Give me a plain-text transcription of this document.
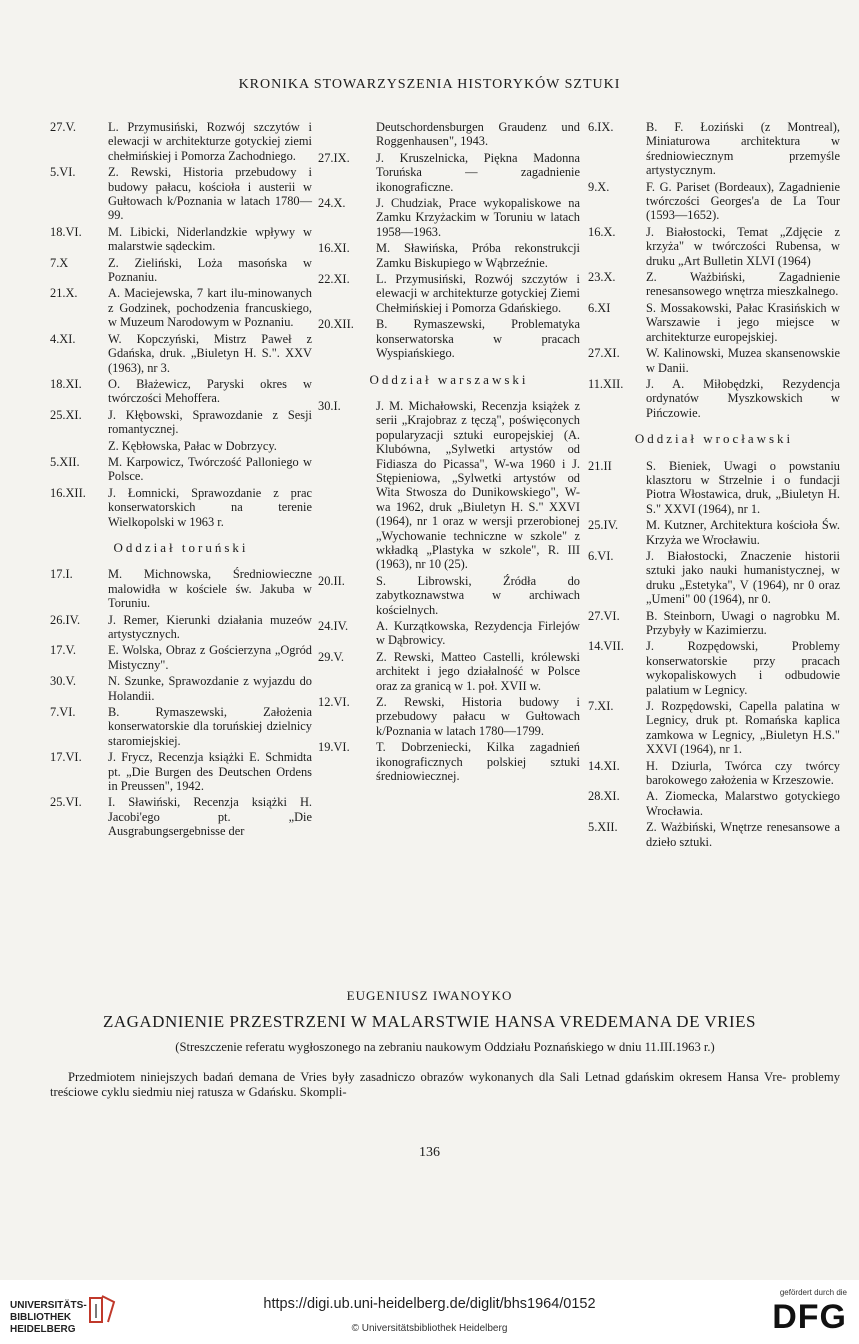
KRONIKA STOWARZYSZENIA HISTORYKÓW SZTUKI
27.V.	L. Przymusiński, Rozwój szczytów i elewacji w architekturze gotyckiej ziemi chełmińskiej i Pomorza Zachodniego.
5.VI.	Z. Rewski, Historia przebudowy i budowy pałacu, kościoła i austerii w Gułtowach k/Poznania w latach 1780—99.
18.VI.	M. Libicki, Niderlandzkie wpływy w malarstwie sądeckim.
7.X	Z. Zieliński, Loża masońska w Poznaniu.
21.X.	A. Maciejewska, 7 kart ilu-minowanych z Godzinek, pochodzenia francuskiego, w Muzeum Narodowym w Poznaniu.
4.XI.	W. Kopczyński, Mistrz Paweł z Gdańska, druk. „Biuletyn H. S.". XXV (1963), nr 3.
18.XI.	O. Błażewicz, Paryski okres w twórczości Mehoffera.
25.XI.	J. Kłębowski, Sprawozdanie z Sesji romantycznej.
Z. Kębłowska, Pałac w Dobrzycy.
5.XII.	M. Karpowicz, Twórczość Palloniego w Polsce.
16.XII.	J. Łomnicki, Sprawozdanie z prac konserwatorskich na terenie Wielkopolski w 1963 r.
Oddział toruński
17.I.	M. Michnowska, Średniowieczne malowidła w kościele św. Jakuba w Toruniu.
26.IV.	J. Remer, Kierunki działania muzeów artystycznych.
17.V.	E. Wolska, Obraz z Gościerzyna „Ogród Mistyczny".
30.V.	N. Szunke, Sprawozdanie z wyjazdu do Holandii.
7.VI.	B. Rymaszewski, Założenia konserwatorskie dla toruńskiej dzielnicy staromiejskiej.
17.VI.	J. Frycz, Recenzja książki E. Schmidta pt. „Die Burgen des Deutschen Ordens in Preussen", 1942.
25.VI.	I. Sławiński, Recenzja książki H. Jacobi'ego pt. „Die Ausgrabungsergebnisse der
Deutschordensburgen Graudenz und Roggenhausen", 1943.
27.IX.	J. Kruszelnicka, Piękna Madonna Toruńska — zagadnienie ikonograficzne.
24.X.	J. Chudziak, Prace wykopaliskowe na Zamku Krzyżackim w Toruniu w latach 1958—1963.
16.XI.	M. Sławińska, Próba rekonstrukcji Zamku Biskupiego w Wąbrzeźnie.
22.XI.	L. Przymusiński, Rozwój szczytów i elewacji w architekturze gotyckiej Ziemi Chełmińskiej i Pomorza Gdańskiego.
20.XII.	B. Rymaszewski, Problematyka konserwatorska w pracach Wyspiańskiego.
Oddział warszawski
30.I.	J. M. Michałowski, Recenzja książek z serii „Krajobraz z tęczą", poświęconych popularyzacji sztuki europejskiej (A. Klubówna, „Sylwetki artystów od Fidiasza do Picassa", W-wa 1960 i J. Stępieniowa, „Sylwetki artystów od Wita Stwosza do Dunikowskiego", W-wa 1962, druk „Biuletyn H. S." XXVI (1964), nr 1 oraz w wersji przerobionej „Wychowanie techniczne w szkole" z wkładką „Plastyka w szkole", R. III (1963), nr 10 (25).
20.II.	S. Librowski, Źródła do zabytkoznawstwa w archiwach kościelnych.
24.IV.	A. Kurzątkowska, Rezydencja Firlejów w Dąbrowicy.
29.V.	Z. Rewski, Matteo Castelli, królewski architekt i jego działalność w Polsce oraz za granicą w 1. poł. XVII w.
12.VI.	Z. Rewski, Historia budowy i przebudowy pałacu w Gułtowach k/Poznania w latach 1780—1799.
19.VI.	T. Dobrzeniecki, Kilka zagadnień ikonograficznych polskiej sztuki średniowiecznej.
6.IX.	B. F. Łoziński (z Montreal), Miniaturowa architektura w średniowiecznym przemyśle artystycznym.
9.X.	F. G. Pariset (Bordeaux), Zagadnienie twórczości Georges'a de La Tour (1593—1652).
16.X.	J. Białostocki, Temat „Zdjęcie z krzyża" w twórczości Rubensa, w druku „Art Bulletin XLVI (1964)
23.X.	Z. Ważbiński, Zagadnienie renesansowego wnętrza mieszkalnego.
6.XI	S. Mossakowski, Pałac Krasińskich w Warszawie i jego miejsce w architekturze europejskiej.
27.XI.	W. Kalinowski, Muzea skansenowskie w Danii.
11.XII.	J. A. Miłobędzki, Rezydencja ordynatów Myszkowskich w Pińczowie.
Oddział wrocławski
21.II	S. Bieniek, Uwagi o powstaniu klasztoru w Strzelnie i o fundacji Piotra Włostawica, druk, „Biuletyn H. S." XXVI (1964), nr 1.
25.IV.	M. Kutzner, Architektura kościoła Św. Krzyża we Wrocławiu.
6.VI.	J. Białostocki, Znaczenie historii sztuki jako nauki humanistycznej, w druku „Estetyka", V (1964), nr 0 oraz „Umeni" 00 (1964), nr 0.
27.VI.	B. Steinborn, Uwagi o nagrobku M. Przybyły w Kazimierzu.
14.VII.	J. Rozpędowski, Problemy konserwatorskie przy pracach wykopaliskowych i odbudowie palatium w Legnicy.
7.XI.	J. Rozpędowski, Capella palatina w Legnicy, druk pt. Romańska kaplica zamkowa w Legnicy, „Biuletyn H.S." XXVI (1964), nr 1.
14.XI.	H. Dziurla, Twórca czy twórcy barokowego założenia w Krzeszowie.
28.XI.	A. Ziomecka, Malarstwo gotyckiego Wrocławia.
5.XII.	Z. Ważbiński, Wnętrze renesansowe a dzieło sztuki.
EUGENIUSZ IWANOYKO
ZAGADNIENIE PRZESTRZENI W MALARSTWIE HANSA VREDEMANA DE VRIES
(Streszczenie referatu wygłoszonego na zebraniu naukowym Oddziału Poznańskiego w dniu 11.III.1963 r.)
Przedmiotem niniejszych badań demana de Vries były zasadniczo obrazów wykonanych dla Sali Letnad gdańskim okresem Hansa Vre- problemy treściowe cyklu siedmiu niej ratusza w Gdańsku. Skompli-
136
UNIVERSITÄTS-
BIBLIOTHEK
HEIDELBERG
https://digi.ub.uni-heidelberg.de/diglit/bhs1964/0152
© Universitätsbibliothek Heidelberg
gefördert durch die
DFG
